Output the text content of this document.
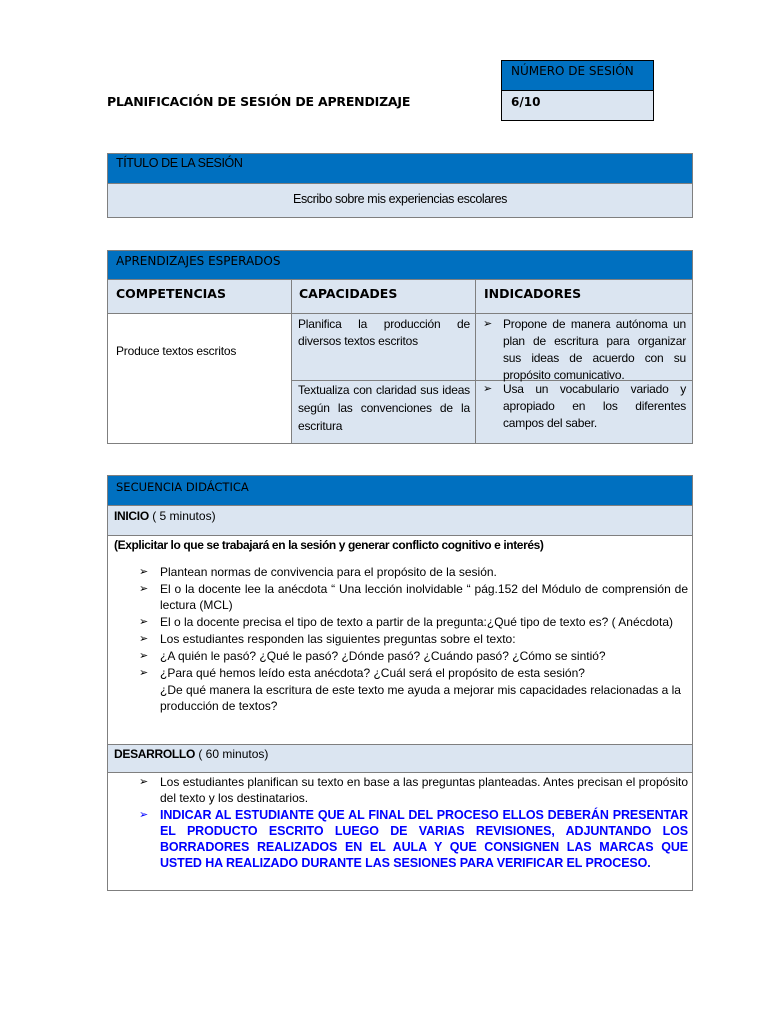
PLANIFICACIÓN DE SESIÓN DE APRENDIZAJE
NÚMERO DE SESIÓN
6/10
TÍTULO DE LA SESIÓN
Escribo sobre mis experiencias escolares
APRENDIZAJES ESPERADOS
COMPETENCIAS	CAPACIDADES	INDICADORES
Produce textos escritos
Planifica la producción de diversos textos escritos
➢ Propone de manera autónoma un plan de escritura para organizar sus ideas de acuerdo con su propósito comunicativo.
Textualiza con claridad sus ideas según las convenciones de la escritura
➢ Usa un vocabulario variado y apropiado en los diferentes campos del saber.
SECUENCIA DIDÁCTICA
INICIO ( 5 minutos)
(Explicitar lo que se trabajará en la sesión y generar conflicto cognitivo e interés)
➢ Plantean normas de convivencia para el propósito de la sesión.
➢ El o la docente lee la anécdota “ Una lección inolvidable “ pág.152 del Módulo de comprensión de lectura (MCL)
➢ El o la docente precisa el tipo de texto a partir de la pregunta:¿Qué tipo de texto es? ( Anécdota)
➢ Los estudiantes responden las siguientes preguntas sobre el texto:
➢ ¿A quién le pasó? ¿Qué le pasó? ¿Dónde pasó? ¿Cuándo pasó? ¿Cómo se sintió?
➢ ¿Para qué hemos leído esta anécdota? ¿Cuál será el propósito de esta sesión?
¿De qué manera la escritura de este texto me ayuda a mejorar mis capacidades relacionadas a la producción de textos?
DESARROLLO ( 60 minutos)
➢ Los estudiantes planifican su texto en base a las preguntas planteadas. Antes precisan el propósito del texto y los destinatarios.
➢ INDICAR AL ESTUDIANTE QUE AL FINAL DEL PROCESO ELLOS DEBERÁN PRESENTAR EL PRODUCTO ESCRITO LUEGO DE VARIAS REVISIONES, ADJUNTANDO LOS BORRADORES REALIZADOS EN EL AULA Y QUE CONSIGNEN LAS MARCAS QUE USTED HA REALIZADO DURANTE LAS SESIONES PARA VERIFICAR EL PROCESO.
